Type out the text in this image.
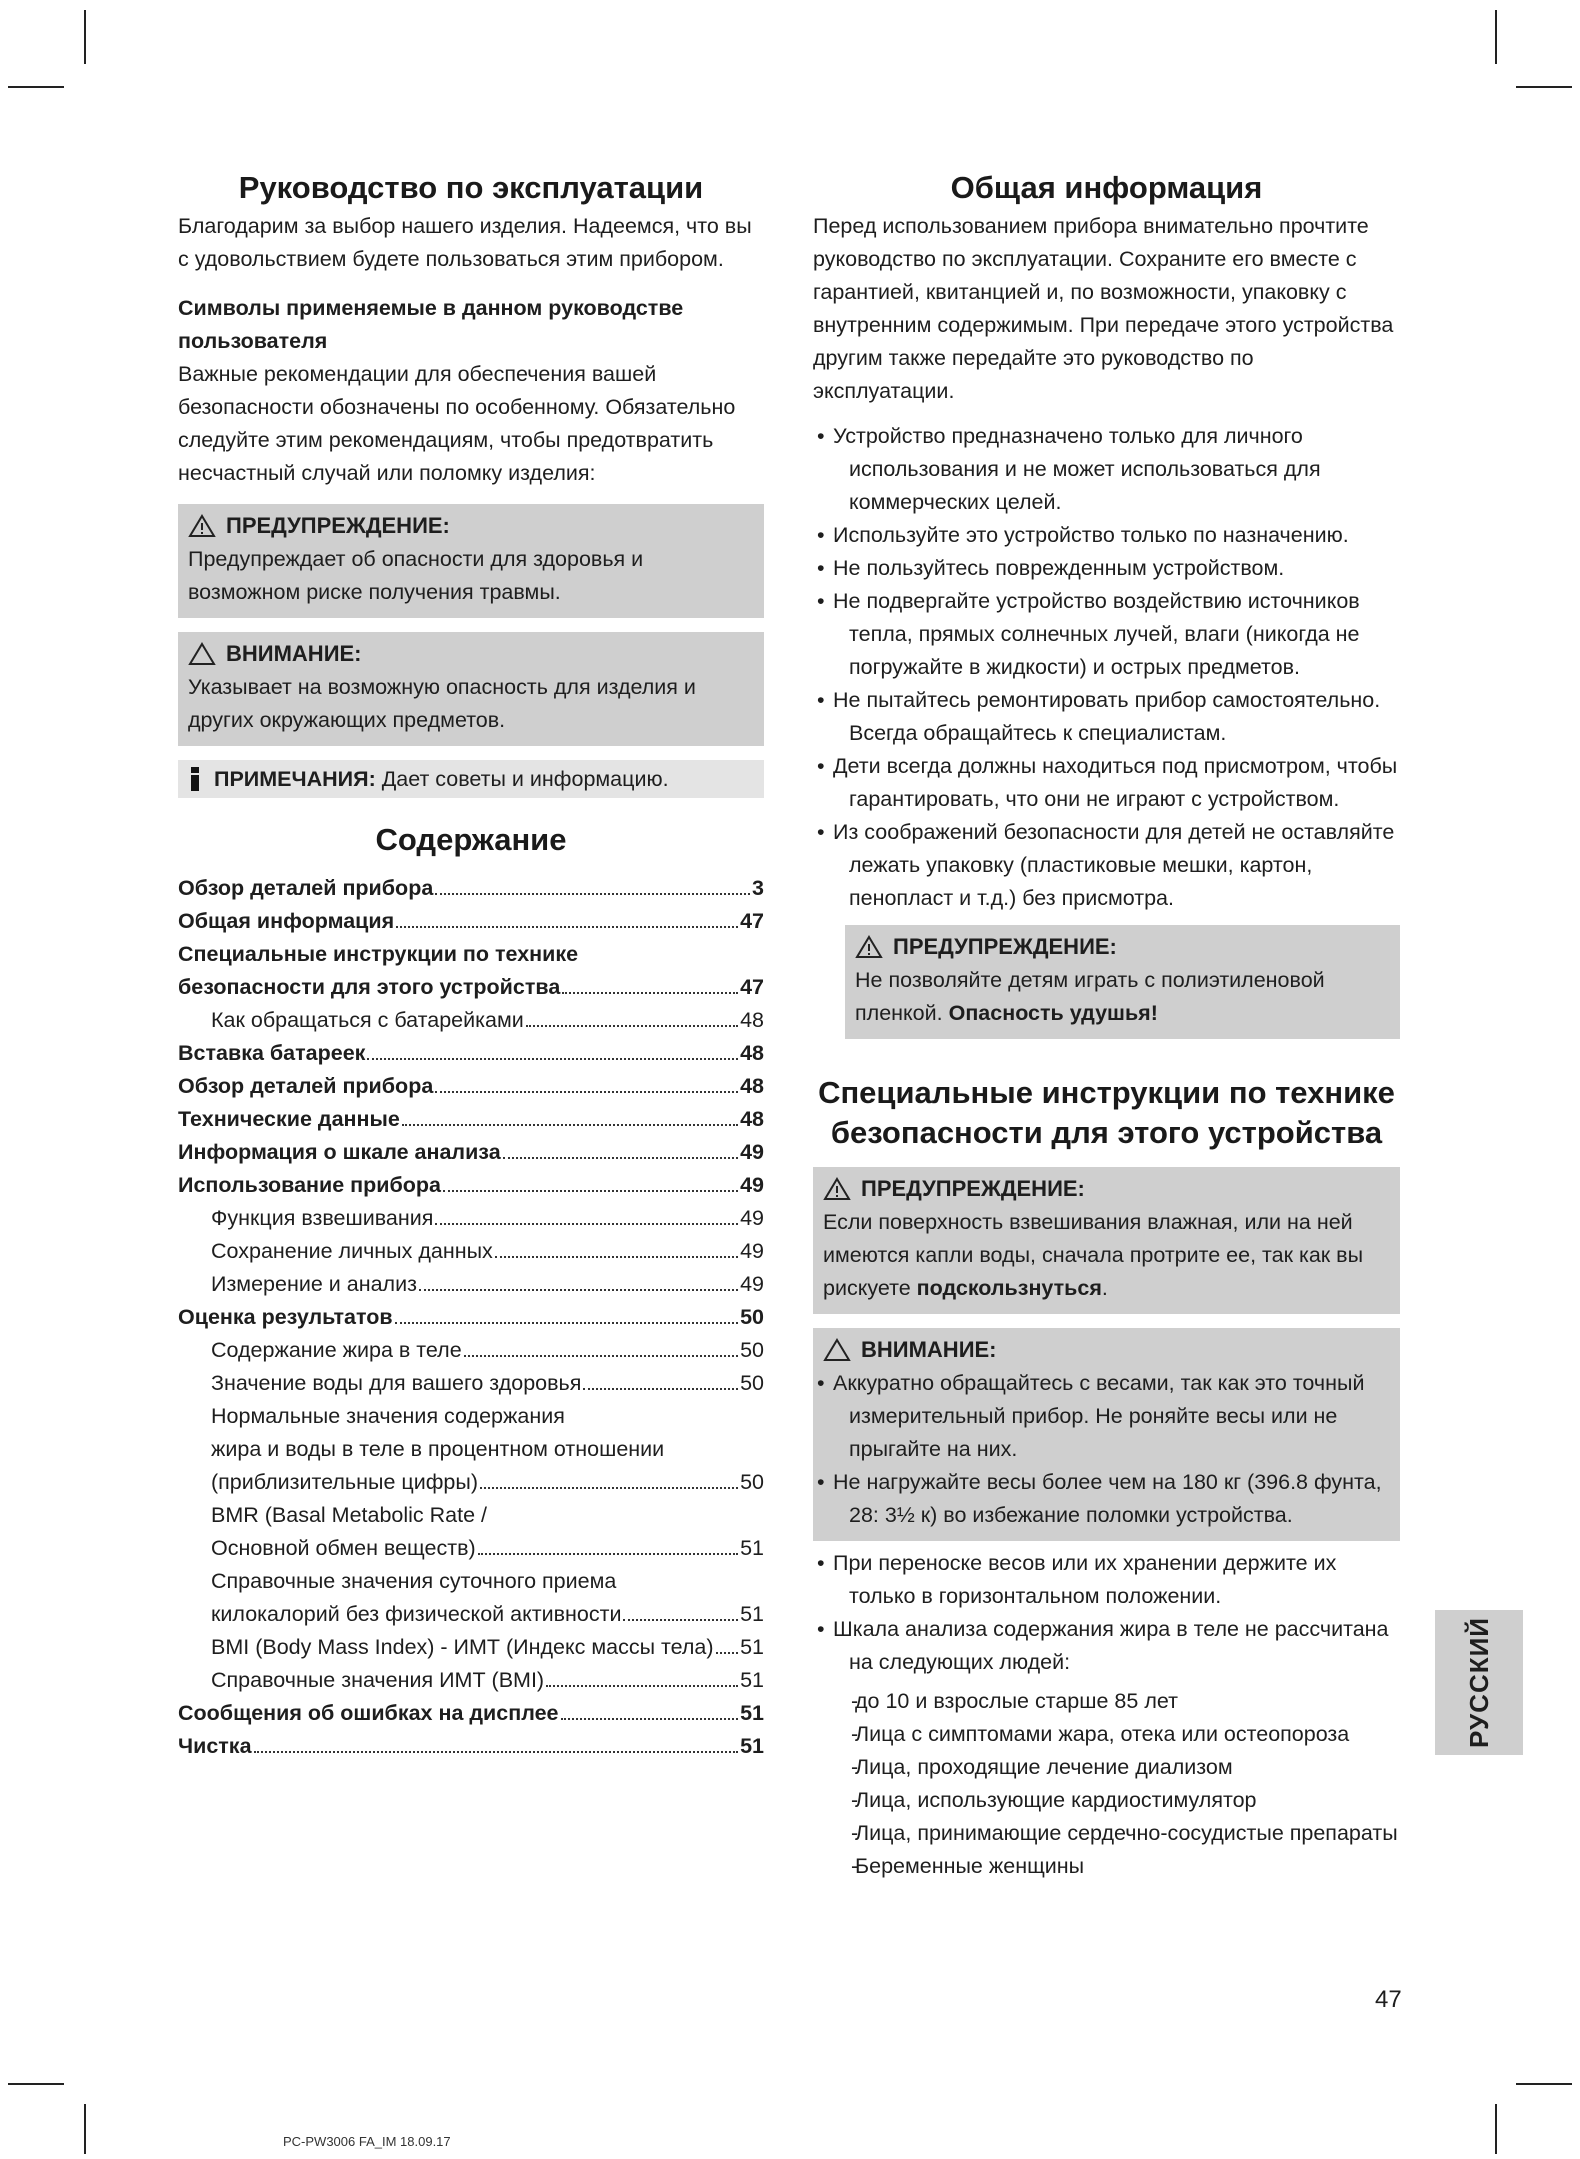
Руководство по эксплуатации

Благодарим за выбор нашего изделия. Надеемся, что вы с удовольствием будете пользоваться этим прибором.

Символы применяемые в данном руководстве пользователя

Важные рекомендации для обеспечения вашей безопасности обозначены по особенному. Обязательно следуйте этим рекомендациям, чтобы предотвратить несчастный случай или поломку изделия:

ПРЕДУПРЕЖДЕНИЕ:

Предупреждает об опасности для здоровья и возможном риске получения травмы.

ВНИМАНИЕ:

Указывает на возможную опасность для изделия и других окружающих предметов.

ПРИМЕЧАНИЯ: Дает советы и информацию.
Содержание
Обзор деталей прибора	3
Общая информация	47
Специальные инструкции по технике
безопасности для этого устройства	47
Как обращаться с батарейками	48
Вставка батареек	48
Обзор деталей прибора	48
Технические данные	48
Информация о шкале анализа	49
Использование прибора	49
Функция взвешивания	49
Сохранение личных данных	49
Измерение и анализ	49
Оценка результатов	50
Содержание жира в теле	50
Значение воды для вашего здоровья	50
Нормальные значения содержания
жира и воды в теле в процентном отношении
(приблизительные цифры)	50
BMR (Basal Metabolic Rate /
Основной обмен веществ)	51
Справочные значения суточного приема
килокалорий без физической активности	51
BMI (Body Mass Index) - ИМТ (Индекс массы тела) 51
Справочные значения ИМТ (BMI)	51
Сообщения об ошибках на дисплее	51
Чистка	51
Общая информация

Перед использованием прибора внимательно прочтите руководство по эксплуатации. Сохраните его вместе с гарантией, квитанцией и, по возможности, упаковку с внутренним содержимым. При передаче этого устройства другим также передайте это руководство по эксплуатации.

• Устройство предназначено только для личного использования и не может использоваться для коммерческих целей.
• Используйте это устройство только по назначению.
• Не пользуйтесь поврежденным устройством.
• Не подвергайте устройство воздействию источников тепла, прямых солнечных лучей, влаги (никогда не погружайте в жидкости) и острых предметов.
• Не пытайтесь ремонтировать прибор самостоятельно. Всегда обращайтесь к специалистам.
• Дети всегда должны находиться под присмотром, чтобы гарантировать, что они не играют с устройством.
• Из соображений безопасности для детей не оставляйте лежать упаковку (пластиковые мешки, картон, пенопласт и т.д.) без присмотра.
ПРЕДУПРЕЖДЕНИЕ:

Не позволяйте детям играть с полиэтиленовой пленкой. Опасность удушья!

Специальные инструкции по технике
безопасности для этого устройства
ПРЕДУПРЕЖДЕНИЕ:

Если поверхность взвешивания влажная, или на ней имеются капли воды, сначала протрите ее, так как вы рискуете подскользнуться.

ВНИМАНИЕ:
• Аккуратно обращайтесь с весами, так как это точный измерительный прибор. Не роняйте весы или не прыгайте на них.
• Не нагружайте весы более чем на 180 кг (396.8 фунта, 28: 3½ к) во избежание поломки устройства.
• При переноске весов или их хранении держите их только в горизонтальном положении.
• Шкала анализа содержания жира в теле не рассчитана на следующих людей:
- до 10 и взрослые старше 85 лет
- Лица с симптомами жара, отека или остеопороза
- Лица, проходящие лечение диализом
- Лица, использующие кардиостимулятор
- Лица, принимающие сердечно-сосудистые препараты
- Беременные женщины
РУССКИЙ
47
PC-PW3006 FA_IM 18.09.17
